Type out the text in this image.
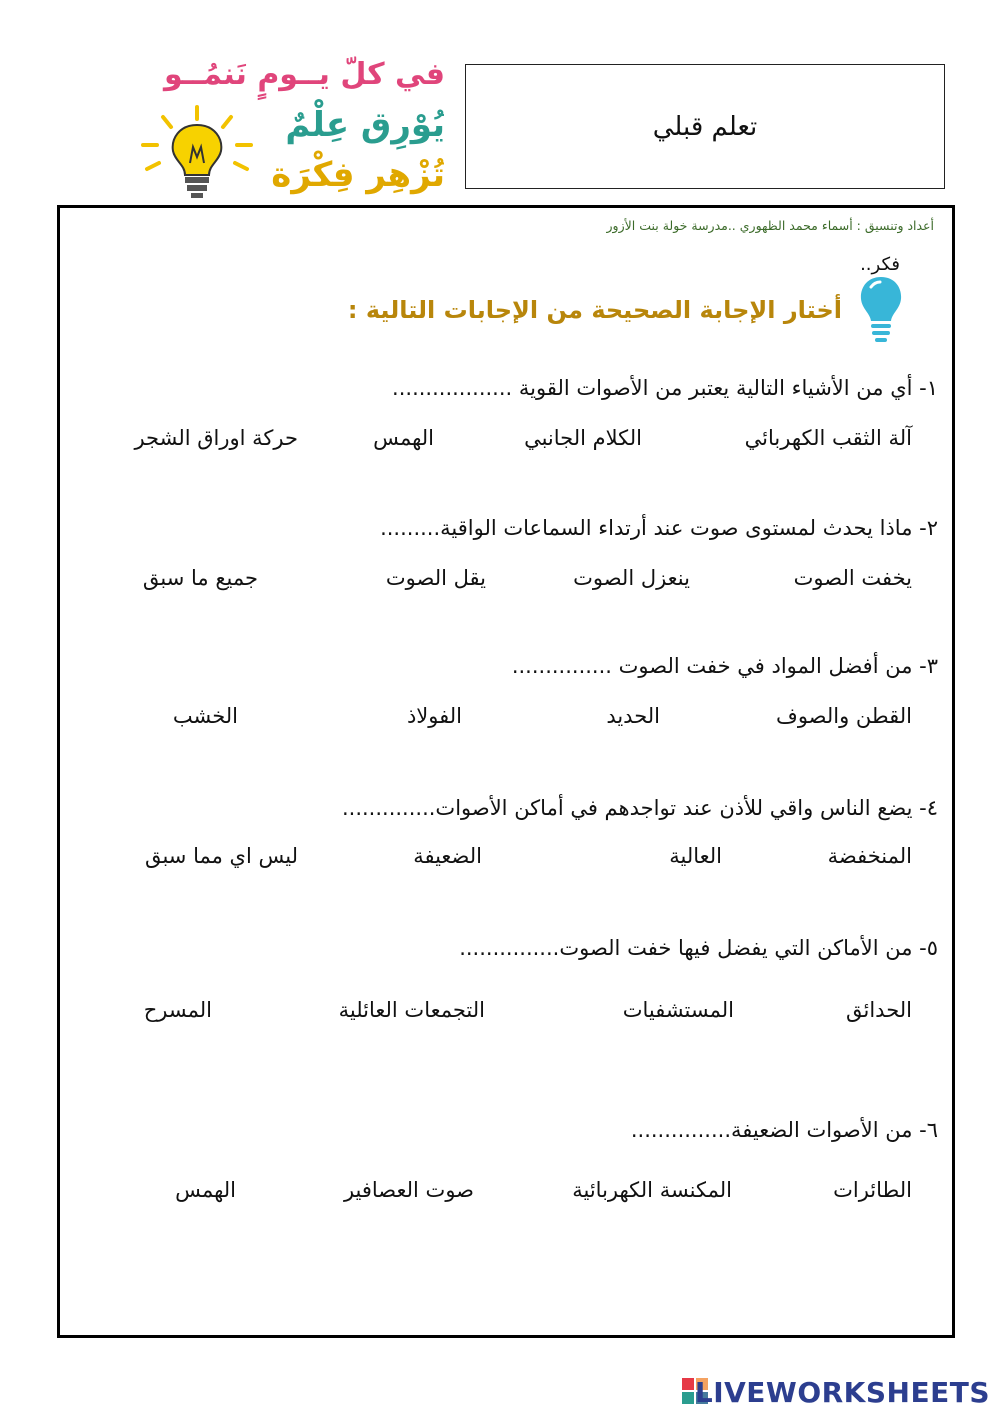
في كلّ يــومٍ نَنمُــو
يُوْرِق عِلْمٌ
تُزْهِر فِكْرَة
تعلم قبلي
أعداد وتنسيق : أسماء محمد الظهوري ..مدرسة خولة بنت الأزور
فكر..
أختار الإجابة الصحيحة من الإجابات التالية :
١- أي من الأشياء التالية يعتبر من الأصوات القوية ..................
آلة الثقب الكهربائي
الكلام الجانبي
الهمس
حركة اوراق الشجر
٢- ماذا يحدث لمستوى صوت عند أرتداء السماعات الواقية.........
يخفت الصوت
ينعزل الصوت
يقل الصوت
جميع ما سبق
٣- من أفضل المواد في خفت الصوت ...............
القطن والصوف
الحديد
الفولاذ
الخشب
٤- يضع الناس واقي للأذن عند تواجدهم في أماكن الأصوات..............
المنخفضة
العالية
الضعيفة
ليس اي مما سبق
٥- من الأماكن التي يفضل فيها خفت الصوت...............
الحدائق
المستشفيات
التجمعات العائلية
المسرح
٦- من الأصوات الضعيفة...............
الطائرات
المكنسة الكهربائية
صوت العصافير
الهمس
LIVEWORKSHEETS
